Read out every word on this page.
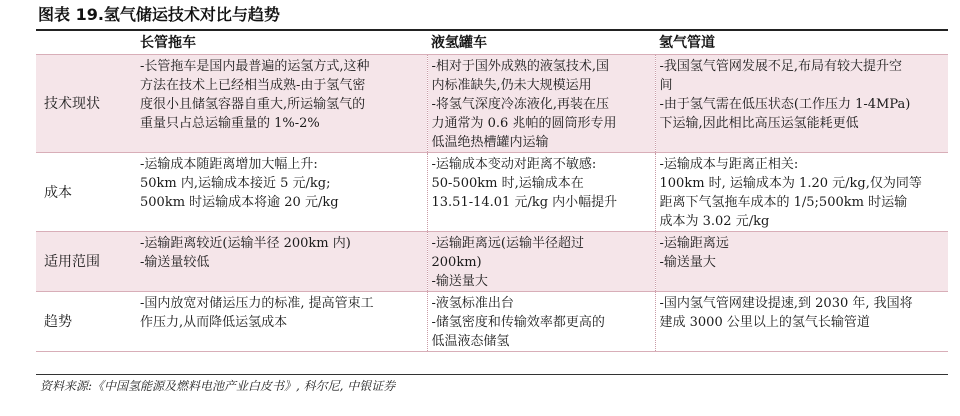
图表 19.氢气储运技术对比与趋势
	长管拖车	液氢罐车	氢气管道
技术现状	-长管拖车是国内最普遍的运氢方式,这种
方法在技术上已经相当成熟-由于氢气密
度很小且储氢容器自重大,所运输氢气的
重量只占总运输重量的 1%-2%	-相对于国外成熟的液氢技术,国
内标准缺失,仍未大规模运用
-将氢气深度冷冻液化,再装在压
力通常为 0.6 兆帕的圆筒形专用
低温绝热槽罐内运输	-我国氢气管网发展不足,布局有较大提升空
间
-由于氢气需在低压状态(工作压力 1-4MPa)
下运输,因此相比高压运氢能耗更低

成本	-运输成本随距离增加大幅上升:
50km 内,运输成本接近 5 元/kg;
500km 时运输成本将逾 20 元/kg	-运输成本变动对距离不敏感:
50-500km 时,运输成本在
13.51-14.01 元/kg 内小幅提升	-运输成本与距离正相关:
100km 时, 运输成本为 1.20 元/kg,仅为同等
距离下气氢拖车成本的 1/5;500km 时运输
成本为 3.02 元/kg

适用范围	-运输距离较近(运输半径 200km 内)
-输送量较低	-运输距离远(运输半径超过
200km)
-输送量大	-运输距离远
-输送量大

趋势	-国内放宽对储运压力的标准, 提高管束工
作压力,从而降低运氢成本	-液氢标准出台
-储氢密度和传输效率都更高的
低温液态储氢	-国内氢气管网建设提速,到 2030 年, 我国将
建成 3000 公里以上的氢气长输管道
资料来源:《中国氢能源及燃料电池产业白皮书》, 科尔尼, 中银证券
